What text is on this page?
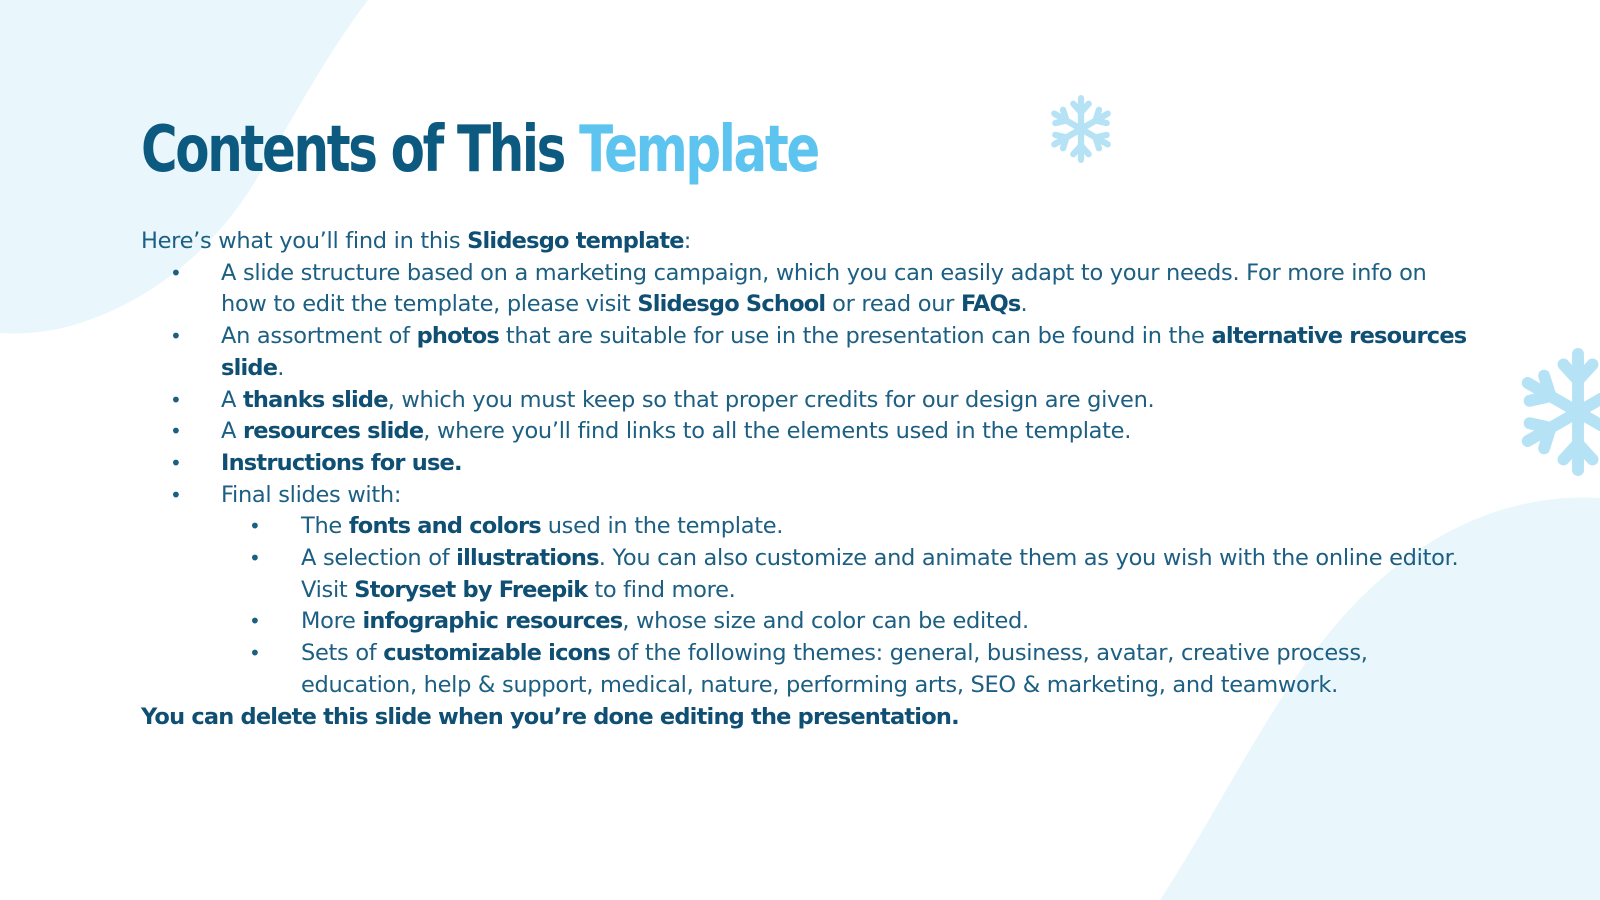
Contents of This Template

Here’s what you’ll find in this Slidesgo template:

• A slide structure based on a marketing campaign, which you can easily adapt to your needs. For more info on how to edit the template, please visit Slidesgo School or read our FAQs.
• An assortment of photos that are suitable for use in the presentation can be found in the alternative resources slide.
• A thanks slide, which you must keep so that proper credits for our design are given.
• A resources slide, where you’ll find links to all the elements used in the template.
• Instructions for use.
• Final slides with:
• The fonts and colors used in the template.
• A selection of illustrations. You can also customize and animate them as you wish with the online editor. Visit Storyset by Freepik to find more.
• More infographic resources, whose size and color can be edited.
• Sets of customizable icons of the following themes: general, business, avatar, creative process, education, help & support, medical, nature, performing arts, SEO & marketing, and teamwork.

You can delete this slide when you’re done editing the presentation.
